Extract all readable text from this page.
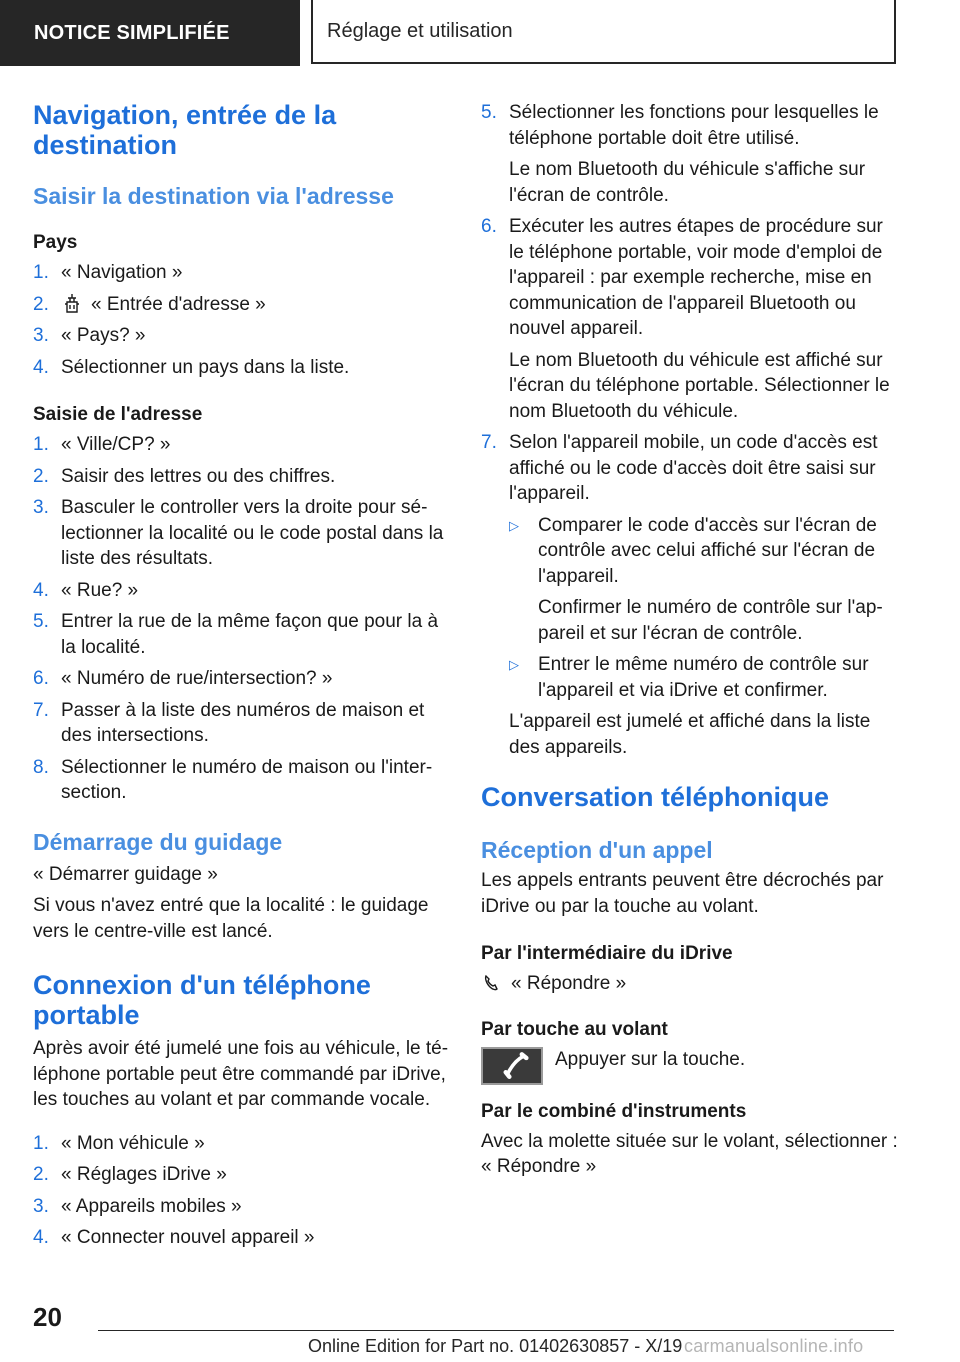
NOTICE SIMPLIFIÉE	Réglage et utilisation
Navigation, entrée de la destination
Saisir la destination via l'adresse
Pays
1. « Navigation »
2. « Entrée d'adresse »
3. « Pays? »
4. Sélectionner un pays dans la liste.
Saisie de l'adresse
1. « Ville/CP? »
2. Saisir des lettres ou des chiffres.
3. Basculer le controller vers la droite pour sélectionner la localité ou le code postal dans la liste des résultats.
4. « Rue? »
5. Entrer la rue de la même façon que pour la à la localité.
6. « Numéro de rue/intersection? »
7. Passer à la liste des numéros de maison et des intersections.
8. Sélectionner le numéro de maison ou l'intersection.
Démarrage du guidage
« Démarrer guidage »
Si vous n'avez entré que la localité : le guidage vers le centre-ville est lancé.
Connexion d'un téléphone portable
Après avoir été jumelé une fois au véhicule, le téléphone portable peut être commandé par iDrive, les touches au volant et par commande vocale.
1. « Mon véhicule »
2. « Réglages iDrive »
3. « Appareils mobiles »
4. « Connecter nouvel appareil »
5. Sélectionner les fonctions pour lesquelles le téléphone portable doit être utilisé.
Le nom Bluetooth du véhicule s'affiche sur l'écran de contrôle.
6. Exécuter les autres étapes de procédure sur le téléphone portable, voir mode d'emploi de l'appareil : par exemple recherche, mise en communication de l'appareil Bluetooth ou nouvel appareil.
Le nom Bluetooth du véhicule est affiché sur l'écran du téléphone portable. Sélectionner le nom Bluetooth du véhicule.
7. Selon l'appareil mobile, un code d'accès est affiché ou le code d'accès doit être saisi sur l'appareil.
▷ Comparer le code d'accès sur l'écran de contrôle avec celui affiché sur l'écran de l'appareil.
Confirmer le numéro de contrôle sur l'appareil et sur l'écran de contrôle.
▷ Entrer le même numéro de contrôle sur l'appareil et via iDrive et confirmer.
L'appareil est jumelé et affiché dans la liste des appareils.
Conversation téléphonique
Réception d'un appel
Les appels entrants peuvent être décrochés par iDrive ou par la touche au volant.
Par l'intermédiaire du iDrive
« Répondre »
Par touche au volant
Appuyer sur la touche.
Par le combiné d'instruments
Avec la molette située sur le volant, sélectionner : « Répondre »
20
Online Edition for Part no. 01402630857 - X/19 carmanualsonline.info
